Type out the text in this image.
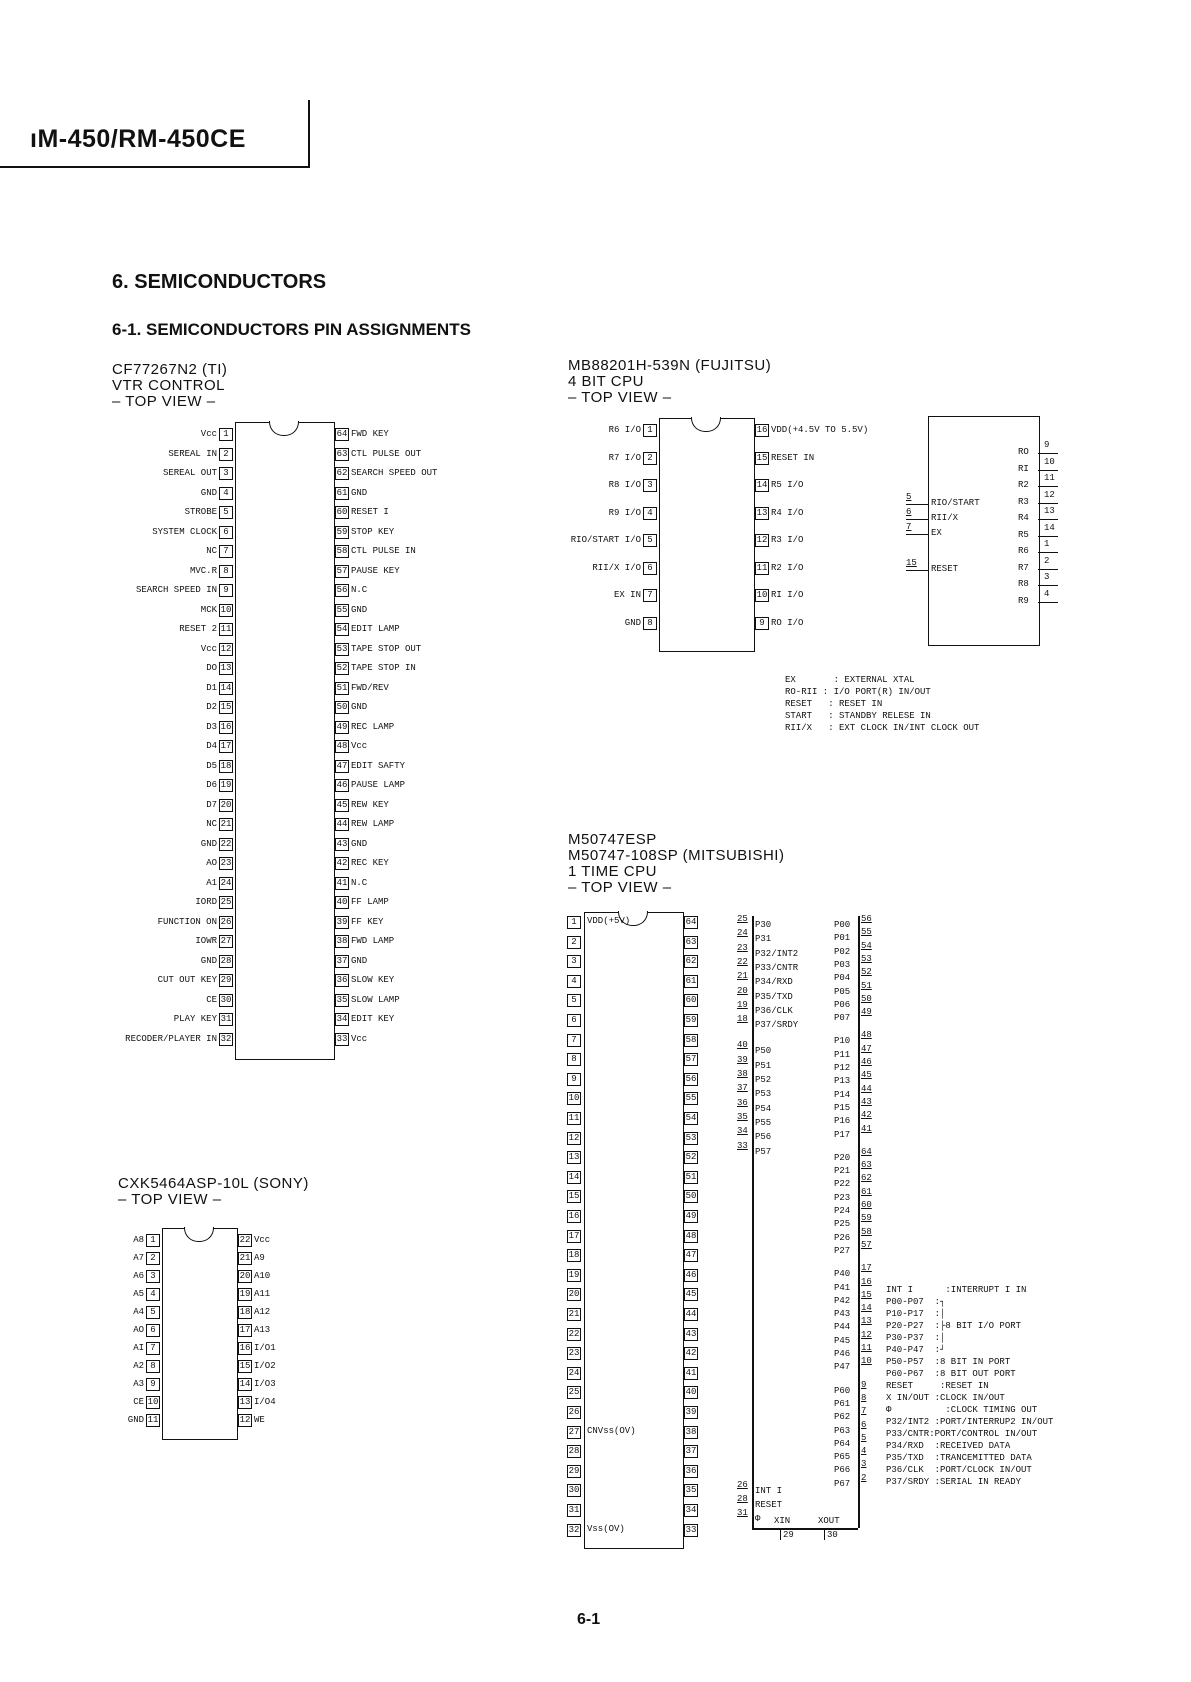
ıM-450/RM-450CE
6. SEMICONDUCTORS
6-1. SEMICONDUCTORS PIN ASSIGNMENTS
CF77267N2 (TI)
VTR CONTROL
– TOP VIEW –
Vcc 1
SEREAL IN 2
SEREAL OUT 3
GND 4
STROBE 5
SYSTEM CLOCK 6
NC 7
MVC.R 8
SEARCH SPEED IN 9
MCK 10
RESET 2 11
Vcc 12
DO 13
D1 14
D2 15
D3 16
D4 17
D5 18
D6 19
D7 20
NC 21
GND 22
AO 23
A1 24
IORD 25
FUNCTION ON 26
IOWR 27
GND 28
CUT OUT KEY 29
CE 30
PLAY KEY 31
RECODER/PLAYER IN 32
64 FWD KEY
63 CTL PULSE OUT
62 SEARCH SPEED OUT
61 GND
60 RESET I
59 STOP KEY
58 CTL PULSE IN
57 PAUSE KEY
56 N.C
55 GND
54 EDIT LAMP
53 TAPE STOP OUT
52 TAPE STOP IN
51 FWD/REV
50 GND
49 REC LAMP
48 Vcc
47 EDIT SAFTY
46 PAUSE LAMP
45 REW KEY
44 REW LAMP
43 GND
42 REC KEY
41 N.C
40 FF LAMP
39 FF KEY
38 FWD LAMP
37 GND
36 SLOW KEY
35 SLOW LAMP
34 EDIT KEY
33 Vcc
MB88201H-539N (FUJITSU)
4 BIT CPU
– TOP VIEW –
R6 I/O 1
R7 I/O 2
R8 I/O 3
R9 I/O 4
RIO/START I/O 5
RII/X I/O 6
EX IN 7
GND 8
16 VDD(+4.5V TO 5.5V)
15 RESET IN
14 R5 I/O
13 R4 I/O
12 R3 I/O
11 R2 I/O
10 RI I/O
9 RO I/O
5
RIO/START
6
RII/X
7
EX
15
RESET
RO
9
RI
10
R2
11
R3
12
R4
13
R5
14
R6
1
R7
2
R8
3
R9
4
EX       : EXTERNAL XTAL
RO-RII : I/O PORT(R) IN/OUT
RESET   : RESET IN
START   : STANDBY RELESE IN
RII/X   : EXT CLOCK IN/INT CLOCK OUT
M50747ESP
M50747-108SP (MITSUBISHI)
1 TIME CPU
– TOP VIEW –
1	64
2	63
3	62
4	61
5	60
6	59
7	58
8	57
9	56
10	55
11	54
12	53
13	52
14	51
15	50
16	49
17	48
18	47
19	46
20	45
21	44
22	43
23	42
24	41
25	40
26	39
27	38
28	37
29	36
30	35
31	34
32	33
VDD(+5V)
CNVss(OV)
Vss(OV)
25
P30
24
P31
23
P32/INT2
22
P33/CNTR
21
P34/RXD
20
P35/TXD
19
P36/CLK
18
P37/SRDY
40
P50
39
P51
38
P52
37
P53
36
P54
35
P55
34
P56
33
P57
P00
56
P01
55
P02
54
P03
53
P04
52
P05
51
P06
50
P07
49
P10
48
P11
47
P12
46
P13
45
P14
44
P15
43
P16
42
P17
41
P20
64
P21
63
P22
62
P23
61
P24
60
P25
59
P26
58
P27
57
P40
17
P41
16
P42
15
P43
14
P44
13
P45
12
P46
11
P47
10
P60
9
P61
8
P62
7
P63
6
P64
5
P65
4
P66
3
P67
2
26
INT I
28
RESET
31
Φ XIN
29
XOUT
30
INT I      :INTERRUPT I IN
P00-P07  :┐
P10-P17  :│
P20-P27  :├8 BIT I/O PORT
P30-P37  :│
P40-P47  :┘
P50-P57  :8 BIT IN PORT
P60-P67  :8 BIT OUT PORT
RESET     :RESET IN
X IN/OUT :CLOCK IN/OUT
Φ          :CLOCK TIMING OUT
P32/INT2 :PORT/INTERRUP2 IN/OUT
P33/CNTR:PORT/CONTROL IN/OUT
P34/RXD  :RECEIVED DATA
P35/TXD  :TRANCEMITTED DATA
P36/CLK  :PORT/CLOCK IN/OUT
P37/SRDY :SERIAL IN READY
CXK5464ASP-10L (SONY)
– TOP VIEW –
A8 1
A7 2
A6 3
A5 4
A4 5
AO 6
AI 7
A2 8
A3 9
CE 10
GND 11
22 Vcc
21 A9
20 A10
19 A11
18 A12
17 A13
16 I/O1
15 I/O2
14 I/O3
13 I/O4
12 WE
6-1
